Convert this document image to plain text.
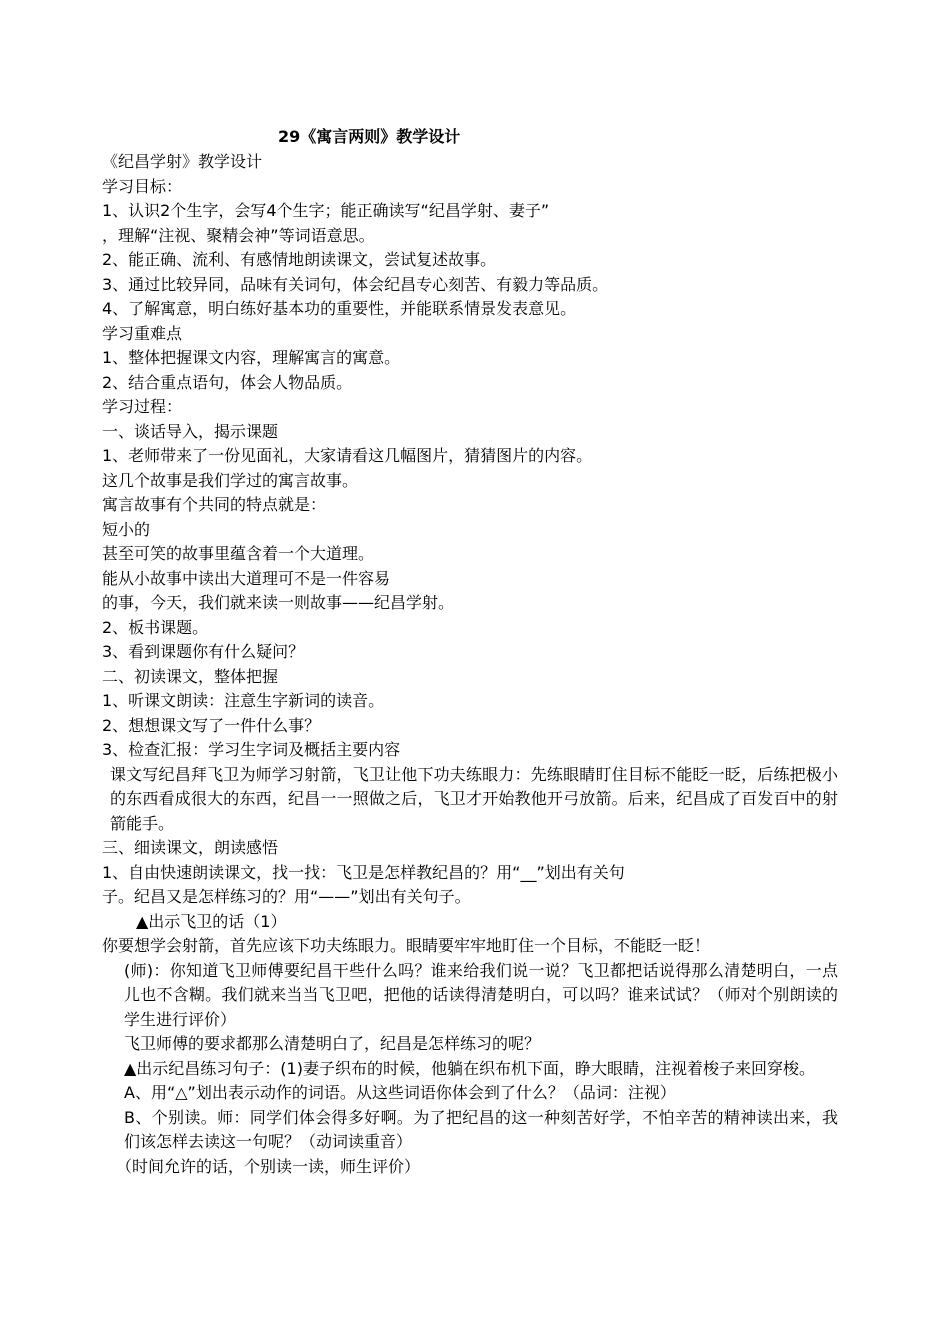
29《寓言两则》教学设计
《纪昌学射》教学设计
学习目标：
1、认识2个生字，会写4个生字；能正确读写“纪昌学射、妻子”
，理解“注视、聚精会神”等词语意思。
2、能正确、流利、有感情地朗读课文，尝试复述故事。
3、通过比较异同，品味有关词句，体会纪昌专心刻苦、有毅力等品质。
4、了解寓意，明白练好基本功的重要性，并能联系情景发表意见。
学习重难点
1、整体把握课文内容，理解寓言的寓意。
2、结合重点语句，体会人物品质。
学习过程：
一、谈话导入，揭示课题
1、老师带来了一份见面礼，大家请看这几幅图片，猜猜图片的内容。
这几个故事是我们学过的寓言故事。
寓言故事有个共同的特点就是：
短小的
甚至可笑的故事里蕴含着一个大道理。
能从小故事中读出大道理可不是一件容易
的事，今天，我们就来读一则故事——纪昌学射。
2、板书课题。
3、看到课题你有什么疑问？
二、初读课文，整体把握
1、听课文朗读：注意生字新词的读音。
2、想想课文写了一件什么事？
3、检查汇报：学习生字词及概括主要内容
课文写纪昌拜飞卫为师学习射箭，飞卫让他下功夫练眼力：先练眼睛盯住目标不能眨一眨，后练把极小的东西看成很大的东西，纪昌一一照做之后，飞卫才开始教他开弓放箭。后来，纪昌成了百发百中的射箭能手。
三、细读课文，朗读感悟
1、自由快速朗读课文，找一找：飞卫是怎样教纪昌的？用“__”划出有关句
子。纪昌又是怎样练习的？用“——”划出有关句子。
▲出示飞卫的话（1）
你要想学会射箭，首先应该下功夫练眼力。眼睛要牢牢地盯住一个目标，不能眨一眨！
(师)：你知道飞卫师傅要纪昌干些什么吗？谁来给我们说一说？飞卫都把话说得那么清楚明白，一点儿也不含糊。我们就来当当飞卫吧，把他的话读得清楚明白，可以吗？谁来试试？（师对个别朗读的学生进行评价）
飞卫师傅的要求都那么清楚明白了，纪昌是怎样练习的呢？
▲出示纪昌练习句子：(1)妻子织布的时候，他躺在织布机下面，睁大眼睛，注视着梭子来回穿梭。
A、用“△”划出表示动作的词语。从这些词语你体会到了什么？（品词：注视）
B、个别读。师：同学们体会得多好啊。为了把纪昌的这一种刻苦好学，不怕辛苦的精神读出来，我们该怎样去读这一句呢？（动词读重音）
（时间允许的话，个别读一读，师生评价）
